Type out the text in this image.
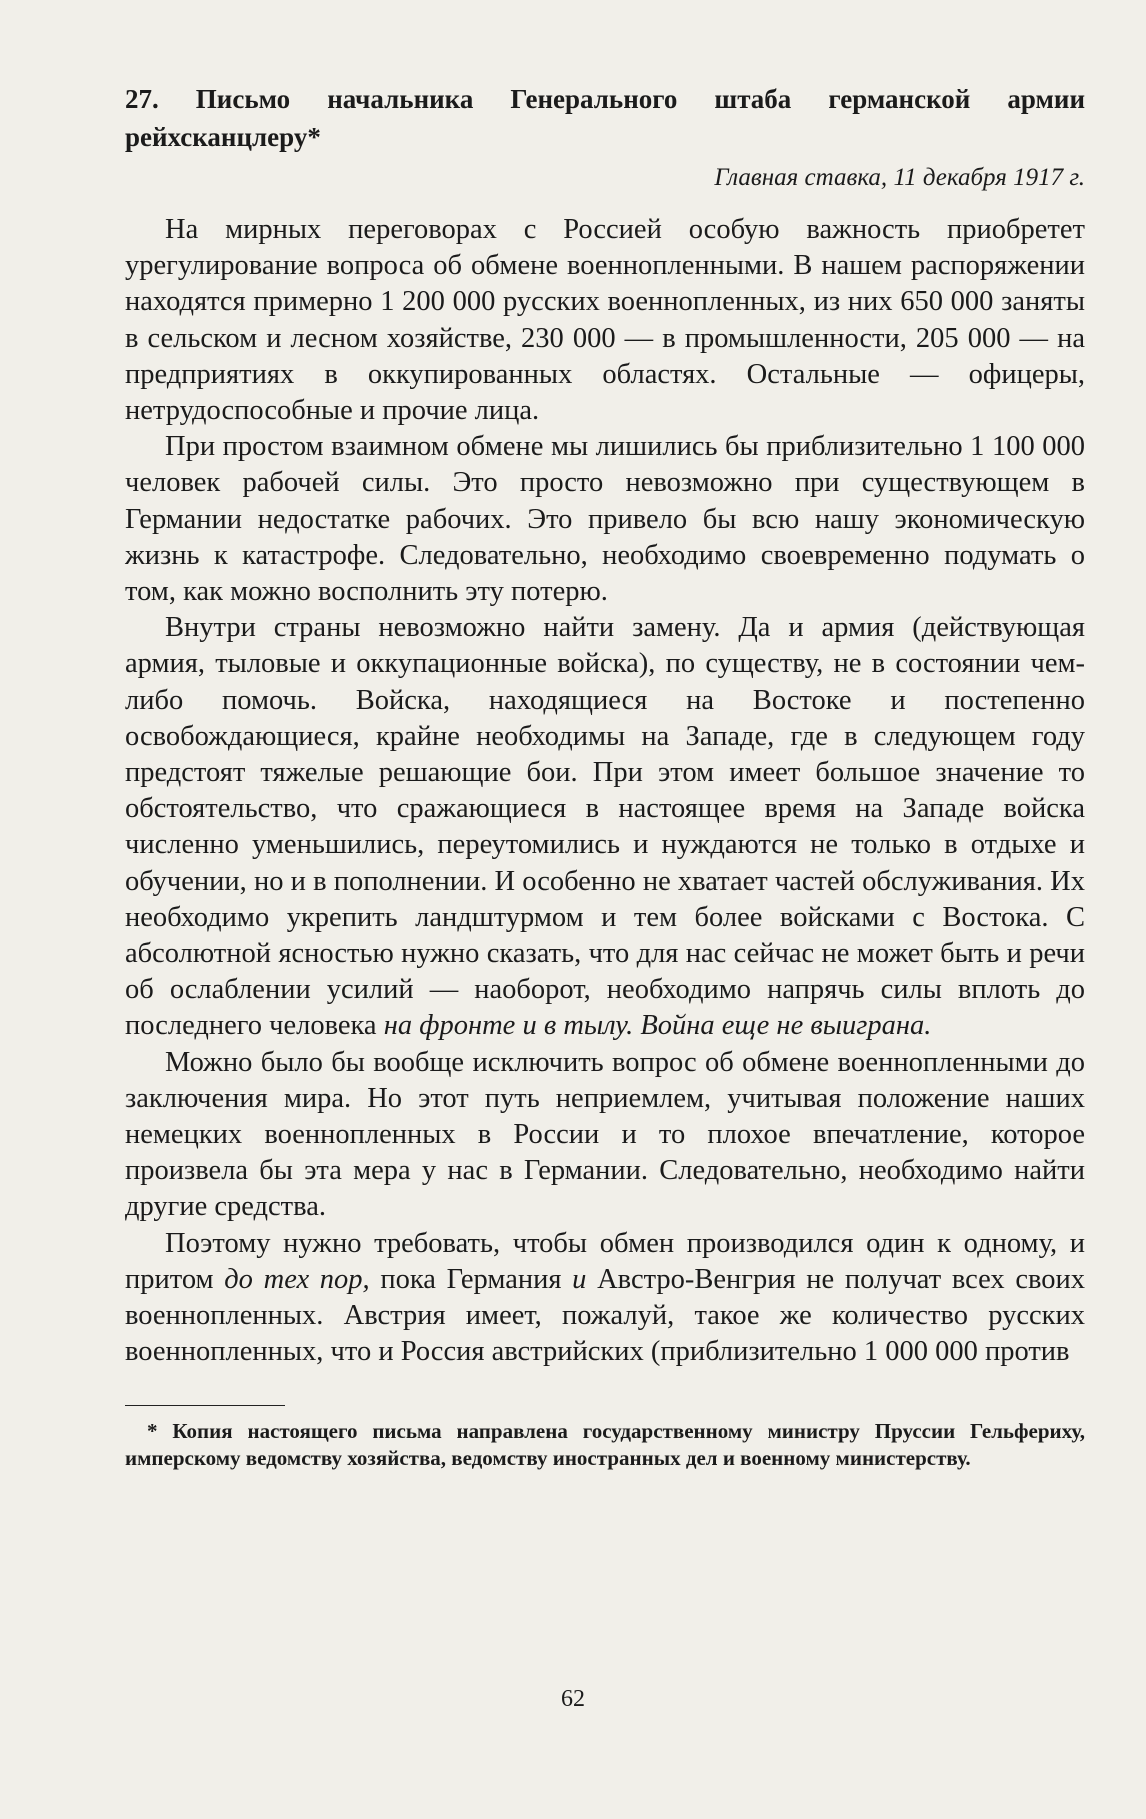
27. Письмо начальника Генерального штаба германской армии рейхсканцлеру*
Главная ставка, 11 декабря 1917 г.

На мирных переговорах с Россией особую важность приобретет урегулирование вопроса об обмене военнопленными. В нашем распоряжении находятся примерно 1 200 000 русских военнопленных, из них 650 000 заняты в сельском и лесном хозяйстве, 230 000 — в промышленности, 205 000 — на предприятиях в оккупированных областях. Остальные — офицеры, нетрудоспособные и прочие лица.

При простом взаимном обмене мы лишились бы приблизительно 1 100 000 человек рабочей силы. Это просто невозможно при существующем в Германии недостатке рабочих. Это привело бы всю нашу экономическую жизнь к катастрофе. Следовательно, необходимо своевременно подумать о том, как можно восполнить эту потерю.

Внутри страны невозможно найти замену. Да и армия (действующая армия, тыловые и оккупационные войска), по существу, не в состоянии чем-либо помочь. Войска, находящиеся на Востоке и постепенно освобождающиеся, крайне необходимы на Западе, где в следующем году предстоят тяжелые решающие бои. При этом имеет большое значение то обстоятельство, что сражающиеся в настоящее время на Западе войска численно уменьшились, переутомились и нуждаются не только в отдыхе и обучении, но и в пополнении. И особенно не хватает частей обслуживания. Их необходимо укрепить ландштурмом и тем более войсками с Востока. С абсолютной ясностью нужно сказать, что для нас сейчас не может быть и речи об ослаблении усилий — наоборот, необходимо напрячь силы вплоть до последнего человека на фронте и в тылу. Война еще не выиграна.

Можно было бы вообще исключить вопрос об обмене военнопленными до заключения мира. Но этот путь неприемлем, учитывая положение наших немецких военнопленных в России и то плохое впечатление, которое произвела бы эта мера у нас в Германии. Следовательно, необходимо найти другие средства.

Поэтому нужно требовать, чтобы обмен производился один к одному, и притом до тех пор, пока Германия и Австро-Венгрия не получат всех своих военнопленных. Австрия имеет, пожалуй, такое же количество русских военнопленных, что и Россия австрийских (приблизительно 1 000 000 против

* Копия настоящего письма направлена государственному министру Пруссии Гельфериху, имперскому ведомству хозяйства, ведомству иностранных дел и военному министерству.

62
